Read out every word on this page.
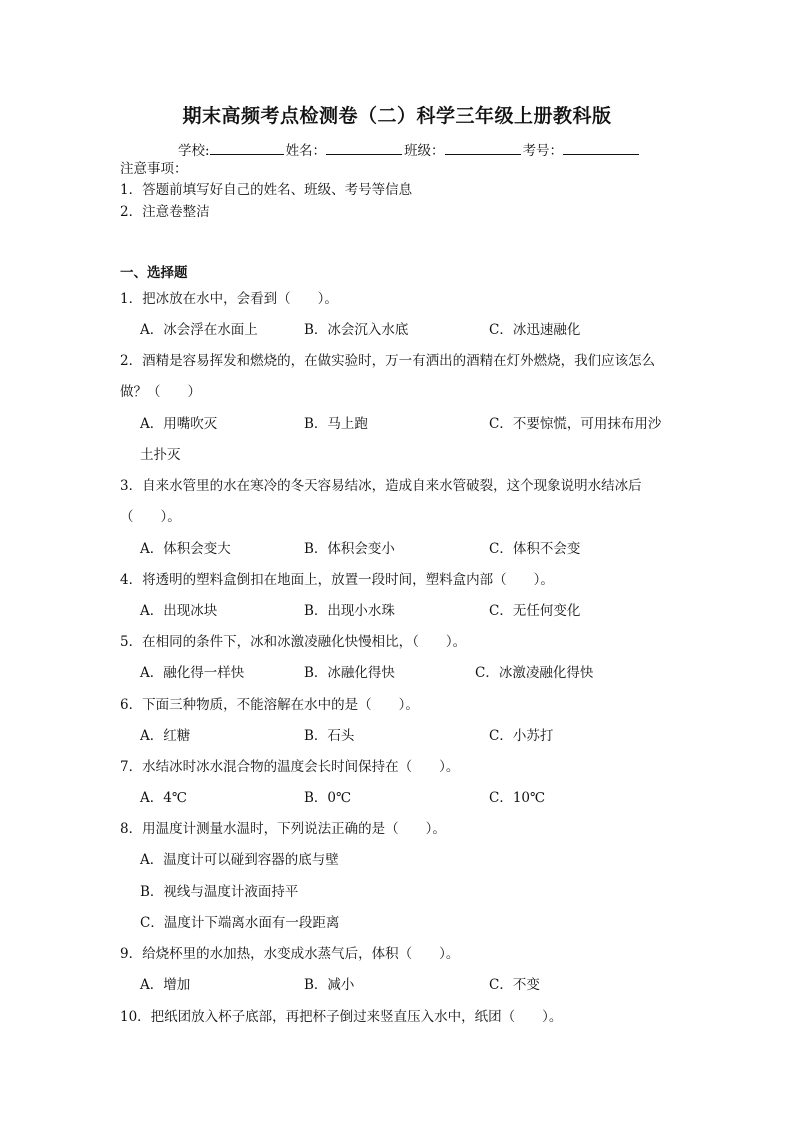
期末高频考点检测卷（二）科学三年级上册教科版
学校:	姓名：	班级：	考号：
注意事项：
1．答题前填写好自己的姓名、班级、考号等信息
2．注意卷整洁
一、选择题
1．把冰放在水中，会看到（　　）。
A．冰会浮在水面上	B．冰会沉入水底	C．冰迅速融化
2．酒精是容易挥发和燃烧的，在做实验时，万一有洒出的酒精在灯外燃烧，我们应该怎么
做？（　　）
A．用嘴吹灭	B．马上跑	C．不要惊慌，可用抹布用沙
土扑灭
3．自来水管里的水在寒冷的冬天容易结冰，造成自来水管破裂，这个现象说明水结冰后
（　　）。
A．体积会变大	B．体积会变小	C．体积不会变
4．将透明的塑料盒倒扣在地面上，放置一段时间，塑料盒内部（　　）。
A．出现冰块	B．出现小水珠	C．无任何变化
5．在相同的条件下，冰和冰激凌融化快慢相比，（　　）。
A．融化得一样快	B．冰融化得快	C．冰激凌融化得快
6．下面三种物质，不能溶解在水中的是（　　）。
A．红糖	B．石头	C．小苏打
7．水结冰时冰水混合物的温度会长时间保持在（　　）。
A．4℃	B．0℃	C．10℃
8．用温度计测量水温时，下列说法正确的是（　　）。
A．温度计可以碰到容器的底与壁
B．视线与温度计液面持平
C．温度计下端离水面有一段距离
9．给烧杯里的水加热，水变成水蒸气后，体积（　　）。
A．增加	B．减小	C．不变
10．把纸团放入杯子底部，再把杯子倒过来竖直压入水中，纸团（　　）。
